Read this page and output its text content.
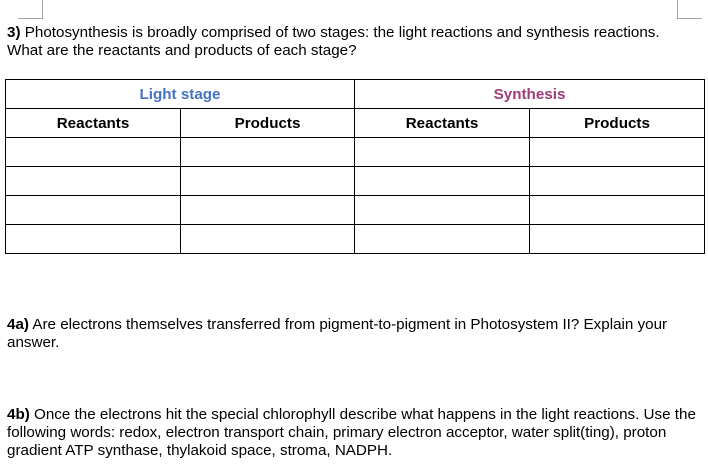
3) Photosynthesis is broadly comprised of two stages: the light reactions and synthesis reactions. What are the reactants and products of each stage?

Light stage		Synthesis	
Reactants	Products	Reactants	Products

4a) Are electrons themselves transferred from pigment-to-pigment in Photosystem II? Explain your answer.

4b) Once the electrons hit the special chlorophyll describe what happens in the light reactions. Use the following words: redox, electron transport chain, primary electron acceptor, water split(ting), proton gradient ATP synthase, thylakoid space, stroma, NADPH.
